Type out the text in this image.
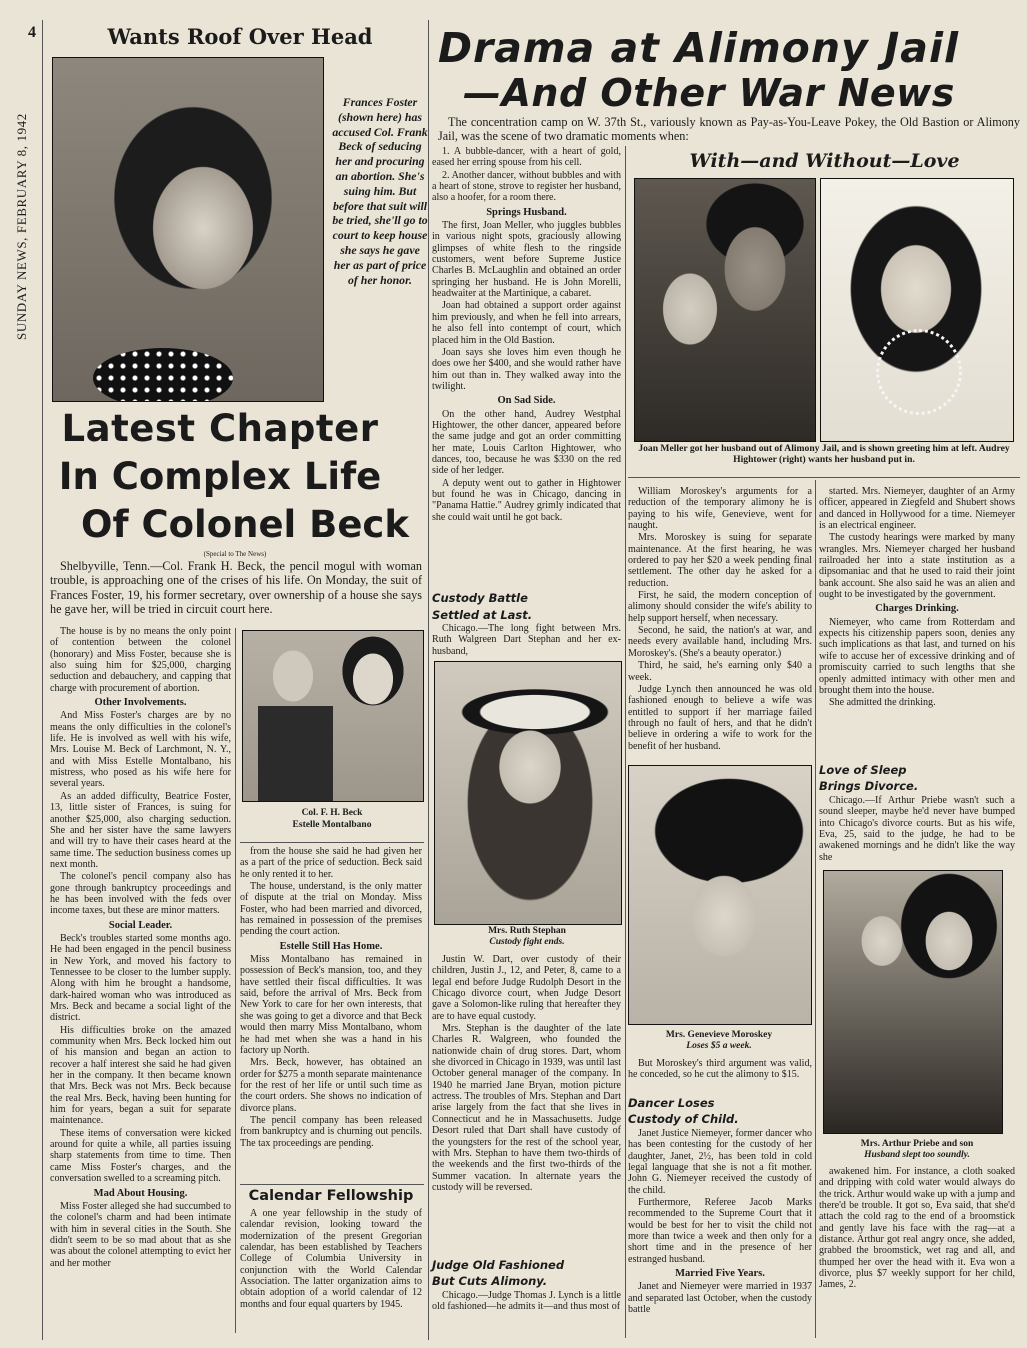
4
SUNDAY NEWS, FEBRUARY 8, 1942
Wants Roof Over Head
Frances Foster (shown here) has accused Col. Frank Beck of seducing her and procuring an abortion. She's suing him. But before that suit will be tried, she'll go to court to keep house she says he gave her as part of price of her honor.
Latest Chapter
In Complex Life
Of Colonel Beck
(Special to The News)

Shelbyville, Tenn.—Col. Frank H. Beck, the pencil mogul with woman trouble, is approaching one of the crises of his life. On Monday, the suit of Frances Foster, 19, his former secretary, over ownership of a house she says he gave her, will be tried in circuit court here.

The house is by no means the only point of contention between the colonel (honorary) and Miss Foster, because she is also suing him for $25,000, charging seduction and debauchery, and capping that charge with procurement of abortion.

Other Involvements.

And Miss Foster's charges are by no means the only difficulties in the colonel's life. He is involved as well with his wife, Mrs. Louise M. Beck of Larchmont, N. Y., and with Miss Estelle Montalbano, his mistress, who posed as his wife here for several years.

As an added difficulty, Beatrice Foster, 13, little sister of Frances, is suing for another $25,000, also charging seduction. She and her sister have the same lawyers and will try to have their cases heard at the same time. The seduction business comes up next month.

The colonel's pencil company also has gone through bankruptcy proceedings and he has been involved with the feds over income taxes, but these are minor matters.

Social Leader.

Beck's troubles started some months ago. He had been engaged in the pencil business in New York, and moved his factory to Tennessee to be closer to the lumber supply. Along with him he brought a handsome, dark-haired woman who was introduced as Mrs. Beck and became a social light of the district.

His difficulties broke on the amazed community when Mrs. Beck locked him out of his mansion and began an action to recover a half interest she said he had given her in the company. It then became known that Mrs. Beck was not Mrs. Beck because the real Mrs. Beck, having been hunting for him for years, began a suit for separate maintenance.

These items of conversation were kicked around for quite a while, all parties issuing sharp statements from time to time. Then came Miss Foster's charges, and the conversation swelled to a screaming pitch.

Mad About Housing.

Miss Foster alleged she had succumbed to the colonel's charm and had been intimate with him in several cities in the South. She didn't seem to be so mad about that as she was about the colonel attempting to evict her and her mother

Col. F. H. Beck
Estelle Montalbano

from the house she said he had given her as a part of the price of seduction. Beck said he only rented it to her.

The house, understand, is the only matter of dispute at the trial on Monday. Miss Foster, who had been married and divorced, has remained in possession of the premises pending the court action.

Estelle Still Has Home.

Miss Montalbano has remained in possession of Beck's mansion, too, and they have settled their fiscal difficulties. It was said, before the arrival of Mrs. Beck from New York to care for her own interests, that she was going to get a divorce and that Beck would then marry Miss Montalbano, whom he had met when she was a hand in his factory up North.

Mrs. Beck, however, has obtained an order for $275 a month separate maintenance for the rest of her life or until such time as the court orders. She shows no indication of divorce plans.

The pencil company has been released from bankruptcy and is churning out pencils. The tax proceedings are pending.

Calendar Fellowship

A one year fellowship in the study of calendar revision, looking toward the modernization of the present Gregorian calendar, has been established by Teachers College of Columbia University in conjunction with the World Calendar Association. The latter organization aims to obtain adoption of a world calendar of 12 months and four equal quarters by 1945.

Drama at Alimony Jail
—And Other War News

The concentration camp on W. 37th St., variously known as Pay-as-You-Leave Pokey, the Old Bastion or Alimony Jail, was the scene of two dramatic moments when:

1. A bubble-dancer, with a heart of gold, eased her erring spouse from his cell.

2. Another dancer, without bubbles and with a heart of stone, strove to register her husband, also a hoofer, for a room there.

Springs Husband.

The first, Joan Meller, who juggles bubbles in various night spots, graciously allowing glimpses of white flesh to the ringside customers, went before Supreme Justice Charles B. McLaughlin and obtained an order springing her husband. He is John Morelli, headwaiter at the Martinique, a cabaret.

Joan had obtained a support order against him previously, and when he fell into arrears, he also fell into contempt of court, which placed him in the Old Bastion.

Joan says she loves him even though he does owe her $400, and she would rather have him out than in. They walked away into the twilight.

On Sad Side.

On the other hand, Audrey Westphal Hightower, the other dancer, appeared before the same judge and got an order committing her mate, Louis Carlton Hightower, who dances, too, because he was $330 on the red side of her ledger.

A deputy went out to gather in Hightower but found he was in Chicago, dancing in "Panama Hattie." Audrey grimly indicated that she could wait until he got back.

With—and Without—Love
Joan Meller got her husband out of Alimony Jail, and is shown greeting him at left. Audrey Hightower (right) wants her husband put in.
Custody Battle
Settled at Last.

Chicago.—The long fight between Mrs. Ruth Walgreen Dart Stephan and her ex-husband,

Mrs. Ruth Stephan
Custody fight ends.

Justin W. Dart, over custody of their children, Justin J., 12, and Peter, 8, came to a legal end before Judge Rudolph Desort in the Chicago divorce court, when Judge Desort gave a Solomon-like ruling that hereafter they are to have equal custody.

Mrs. Stephan is the daughter of the late Charles R. Walgreen, who founded the nationwide chain of drug stores. Dart, whom she divorced in Chicago in 1939, was until last October general manager of the company. In 1940 he married Jane Bryan, motion picture actress. The troubles of Mrs. Stephan and Dart arise largely from the fact that she lives in Connecticut and he in Massachusetts. Judge Desort ruled that Dart shall have custody of the youngsters for the rest of the school year, with Mrs. Stephan to have them two-thirds of the weekends and the first two-thirds of the Summer vacation. In alternate years the custody will be reversed.

Judge Old Fashioned
But Cuts Alimony.

Chicago.—Judge Thomas J. Lynch is a little old fashioned—he admits it—and thus most of

William Moroskey's arguments for a reduction of the temporary alimony he is paying to his wife, Genevieve, went for naught.

Mrs. Moroskey is suing for separate maintenance. At the first hearing, he was ordered to pay her $20 a week pending final settlement. The other day he asked for a reduction.

First, he said, the modern conception of alimony should consider the wife's ability to help support herself, when necessary.

Second, he said, the nation's at war, and needs every available hand, including Mrs. Moroskey's. (She's a beauty operator.)

Third, he said, he's earning only $40 a week.

Judge Lynch then announced he was old fashioned enough to believe a wife was entitled to support if her marriage failed through no fault of hers, and that he didn't believe in ordering a wife to work for the benefit of her husband.

Mrs. Genevieve Moroskey
Loses $5 a week.

But Moroskey's third argument was valid, he conceded, so he cut the alimony to $15.

Dancer Loses
Custody of Child.

Janet Justice Niemeyer, former dancer who has been contesting for the custody of her daughter, Janet, 2½, has been told in cold legal language that she is not a fit mother. John G. Niemeyer received the custody of the child.

Furthermore, Referee Jacob Marks recommended to the Supreme Court that it would be best for her to visit the child not more than twice a week and then only for a short time and in the presence of her estranged husband.

Married Five Years.

Janet and Niemeyer were married in 1937 and separated last October, when the custody battle

started. Mrs. Niemeyer, daughter of an Army officer, appeared in Ziegfeld and Shubert shows and danced in Hollywood for a time. Niemeyer is an electrical engineer.

The custody hearings were marked by many wrangles. Mrs. Niemeyer charged her husband railroaded her into a state institution as a dipsomaniac and that he used to raid their joint bank account. She also said he was an alien and ought to be investigated by the government.

Charges Drinking.

Niemeyer, who came from Rotterdam and expects his citizenship papers soon, denies any such implications as that last, and turned on his wife to accuse her of excessive drinking and of promiscuity carried to such lengths that she openly admitted intimacy with other men and brought them into the house.

She admitted the drinking.

Love of Sleep
Brings Divorce.

Chicago.—If Arthur Priebe wasn't such a sound sleeper, maybe he'd never have bumped into Chicago's divorce courts. But as his wife, Eva, 25, said to the judge, he had to be awakened mornings and he didn't like the way she

Mrs. Arthur Priebe and son
Husband slept too soundly.

awakened him. For instance, a cloth soaked and dripping with cold water would always do the trick. Arthur would wake up with a jump and there'd be trouble. It got so, Eva said, that she'd attach the cold rag to the end of a broomstick and gently lave his face with the rag—at a distance. Arthur got real angry once, she added, grabbed the broomstick, wet rag and all, and thumped her over the head with it. Eva won a divorce, plus $7 weekly support for her child, James, 2.
